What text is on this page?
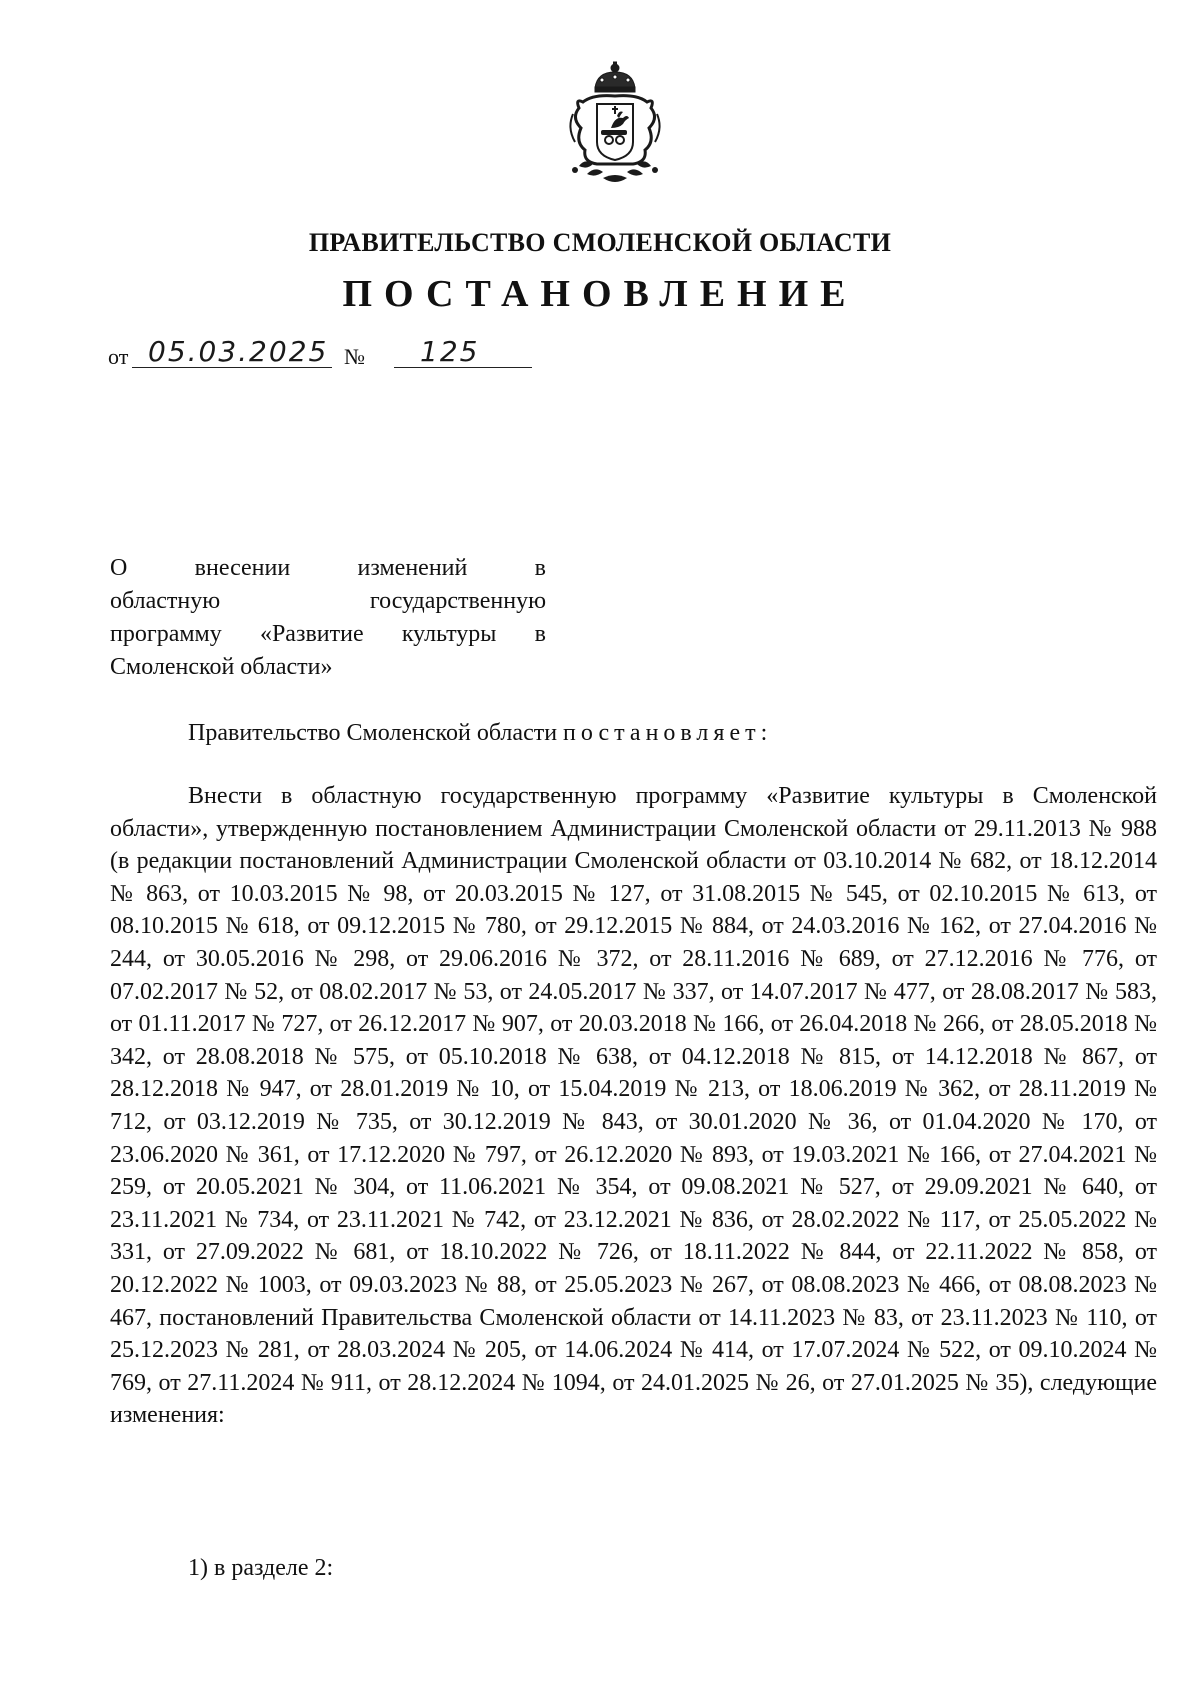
ПРАВИТЕЛЬСТВО СМОЛЕНСКОЙ ОБЛАСТИ
ПОСТАНОВЛЕНИЕ
от 05.03.2025 № 125
О внесении изменений в
областную государственную
программу «Развитие культуры в
Смоленской области»
Правительство Смоленской области постановляет:
Внести в областную государственную программу «Развитие культуры в Смоленской области», утвержденную постановлением Администрации Смоленской области от 29.11.2013 № 988 (в редакции постановлений Администрации Смоленской области от 03.10.2014 № 682, от 18.12.2014 № 863, от 10.03.2015 № 98, от 20.03.2015 № 127, от 31.08.2015 № 545, от 02.10.2015 № 613, от 08.10.2015 № 618, от 09.12.2015 № 780, от 29.12.2015 № 884, от 24.03.2016 № 162, от 27.04.2016 № 244, от 30.05.2016 № 298, от 29.06.2016 № 372, от 28.11.2016 № 689, от 27.12.2016 № 776, от 07.02.2017 № 52, от 08.02.2017 № 53, от 24.05.2017 № 337, от 14.07.2017 № 477, от 28.08.2017 № 583, от 01.11.2017 № 727, от 26.12.2017 № 907, от 20.03.2018 № 166, от 26.04.2018 № 266, от 28.05.2018 № 342, от 28.08.2018 № 575, от 05.10.2018 № 638, от 04.12.2018 № 815, от 14.12.2018 № 867, от 28.12.2018 № 947, от 28.01.2019 № 10, от 15.04.2019 № 213, от 18.06.2019 № 362, от 28.11.2019 № 712, от 03.12.2019 № 735, от 30.12.2019 № 843, от 30.01.2020 № 36, от 01.04.2020 № 170, от 23.06.2020 № 361, от 17.12.2020 № 797, от 26.12.2020 № 893, от 19.03.2021 № 166, от 27.04.2021 № 259, от 20.05.2021 № 304, от 11.06.2021 № 354, от 09.08.2021 № 527, от 29.09.2021 № 640, от 23.11.2021 № 734, от 23.11.2021 № 742, от 23.12.2021 № 836, от 28.02.2022 № 117, от 25.05.2022 № 331, от 27.09.2022 № 681, от 18.10.2022 № 726, от 18.11.2022 № 844, от 22.11.2022 № 858, от 20.12.2022 № 1003, от 09.03.2023 № 88, от 25.05.2023 № 267, от 08.08.2023 № 466, от 08.08.2023 № 467, постановлений Правительства Смоленской области от 14.11.2023 № 83, от 23.11.2023 № 110, от 25.12.2023 № 281, от 28.03.2024 № 205, от 14.06.2024 № 414, от 17.07.2024 № 522, от 09.10.2024 № 769, от 27.11.2024 № 911, от 28.12.2024 № 1094, от 24.01.2025 № 26, от 27.01.2025 № 35), следующие изменения:
1) в разделе 2:
